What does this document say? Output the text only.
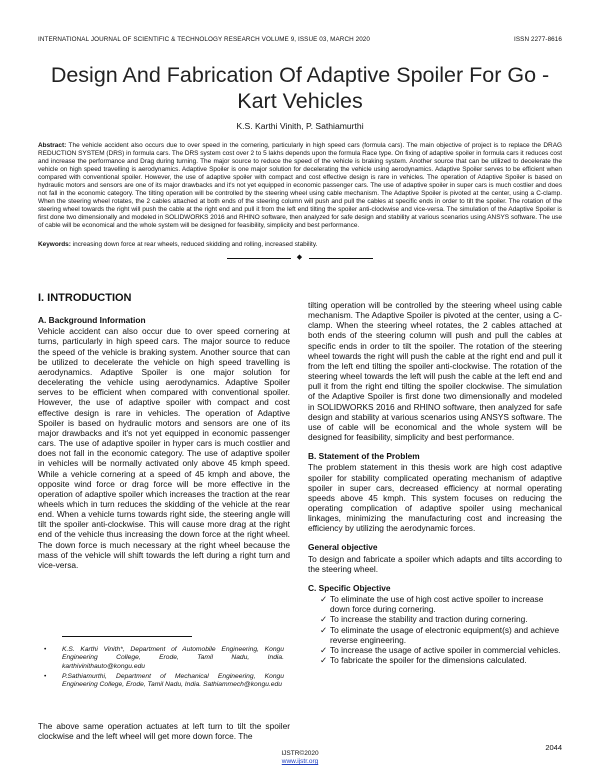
INTERNATIONAL JOURNAL OF SCIENTIFIC & TECHNOLOGY RESEARCH VOLUME 9, ISSUE 03, MARCH 2020	ISSN 2277-8616
Design And Fabrication Of Adaptive Spoiler For Go - Kart Vehicles
K.S. Karthi Vinith, P. Sathiamurthi
Abstract: The vehicle accident also occurs due to over speed in the cornering, particularly in high speed cars (formula cars). The main objective of project is to replace the DRAG REDUCTION SYSTEM (DRS) in formula cars. The DRS system cost over 2 to 5 lakhs depends upon the formula Race type. On fixing of adaptive spoiler in formula cars it reduces cost and increase the performance and Drag during turning. The major source to reduce the speed of the vehicle is braking system. Another source that can be utilized to decelerate the vehicle on high speed travelling is aerodynamics. Adaptive Spoiler is one major solution for decelerating the vehicle using aerodynamics. Adaptive Spoiler serves to be efficient when compared with conventional spoiler. However, the use of adaptive spoiler with compact and cost effective design is rare in vehicles. The operation of Adaptive Spoiler is based on hydraulic motors and sensors are one of its major drawbacks and it's not yet equipped in economic passenger cars. The use of adaptive spoiler in super cars is much costlier and does not fall in the economic category. The tilting operation will be controlled by the steering wheel using cable mechanism. The Adaptive Spoiler is pivoted at the center, using a C-clamp. When the steering wheel rotates, the 2 cables attached at both ends of the steering column will push and pull the cables at specific ends in order to tilt the spoiler. The rotation of the steering wheel towards the right will push the cable at the right end and pull it from the left end tilting the spoiler anti-clockwise and vice-versa. The simulation of the Adaptive Spoiler is first done two dimensionally and modeled in SOLIDWORKS 2016 and RHINO software, then analyzed for safe design and stability at various scenarios using ANSYS software. The use of cable will be economical and the whole system will be designed for feasibility, simplicity and best performance.
Keywords: increasing down force at rear wheels, reduced skidding and rolling, increased stability.
◆
I. INTRODUCTION
A. Background Information

Vehicle accident can also occur due to over speed cornering at turns, particularly in high speed cars. The major source to reduce the speed of the vehicle is braking system. Another source that can be utilized to decelerate the vehicle on high speed travelling is aerodynamics. Adaptive Spoiler is one major solution for decelerating the vehicle using aerodynamics. Adaptive Spoiler serves to be efficient when compared with conventional spoiler. However, the use of adaptive spoiler with compact and cost effective design is rare in vehicles. The operation of Adaptive Spoiler is based on hydraulic motors and sensors are one of its major drawbacks and it's not yet equipped in economic passenger cars. The use of adaptive spoiler in hyper cars is much costlier and does not fall in the economic category. The use of adaptive spoiler in vehicles will be normally activated only above 45 kmph speed. While a vehicle cornering at a speed of 45 kmph and above, the opposite wind force or drag force will be more effective in the operation of adaptive spoiler which increases the traction at the rear wheels which in turn reduces the skidding of the vehicle at the rear end. When a vehicle turns towards right side, the steering angle will tilt the spoiler anti-clockwise. This will cause more drag at the right end of the vehicle thus increasing the down force at the right wheel. The down force is much necessary at the right wheel because the mass of the vehicle will shift towards the left during a right turn and vice-versa.

• K.S. Karthi Vinith*, Department of Automobile Engineering, Kongu Engineering College, Erode, Tamil Nadu, India. karthivinithauto@kongu.edu
• P.Sathiamurthi, Department of Mechanical Engineering, Kongu Engineering College, Erode, Tamil Nadu, India. Sathiammech@kongu.edu
The above same operation actuates at left turn to tilt the spoiler clockwise and the left wheel will get more down force. The

tilting operation will be controlled by the steering wheel using cable mechanism. The Adaptive Spoiler is pivoted at the center, using a C-clamp. When the steering wheel rotates, the 2 cables attached at both ends of the steering column will push and pull the cables at specific ends in order to tilt the spoiler. The rotation of the steering wheel towards the right will push the cable at the right end and pull it from the left end tilting the spoiler anti-clockwise. The rotation of the steering wheel towards the left will push the cable at the left end and pull it from the right end tilting the spoiler clockwise. The simulation of the Adaptive Spoiler is first done two dimensionally and modeled in SOLIDWORKS 2016 and RHINO software, then analyzed for safe design and stability at various scenarios using ANSYS software. The use of cable will be economical and the whole system will be designed for feasibility, simplicity and best performance.

B. Statement of the Problem

The problem statement in this thesis work are high cost adaptive spoiler for stability complicated operating mechanism of adaptive spoiler in super cars, decreased efficiency at normal operating speeds above 45 kmph. This system focuses on reducing the operating complication of adaptive spoiler using mechanical linkages, minimizing the manufacturing cost and increasing the efficiency by utilizing the aerodynamic forces.

General objective

To design and fabricate a spoiler which adapts and tilts according to the steering wheel.

C. Specific Objective
✓ To eliminate the use of high cost active spoiler to increase down force during cornering.
✓ To increase the stability and traction during cornering.
✓ To eliminate the usage of electronic equipment(s) and achieve reverse engineering.
✓ To increase the usage of active spoiler in commercial vehicles.
✓ To fabricate the spoiler for the dimensions calculated.
2044
IJSTR©2020
www.ijstr.org
